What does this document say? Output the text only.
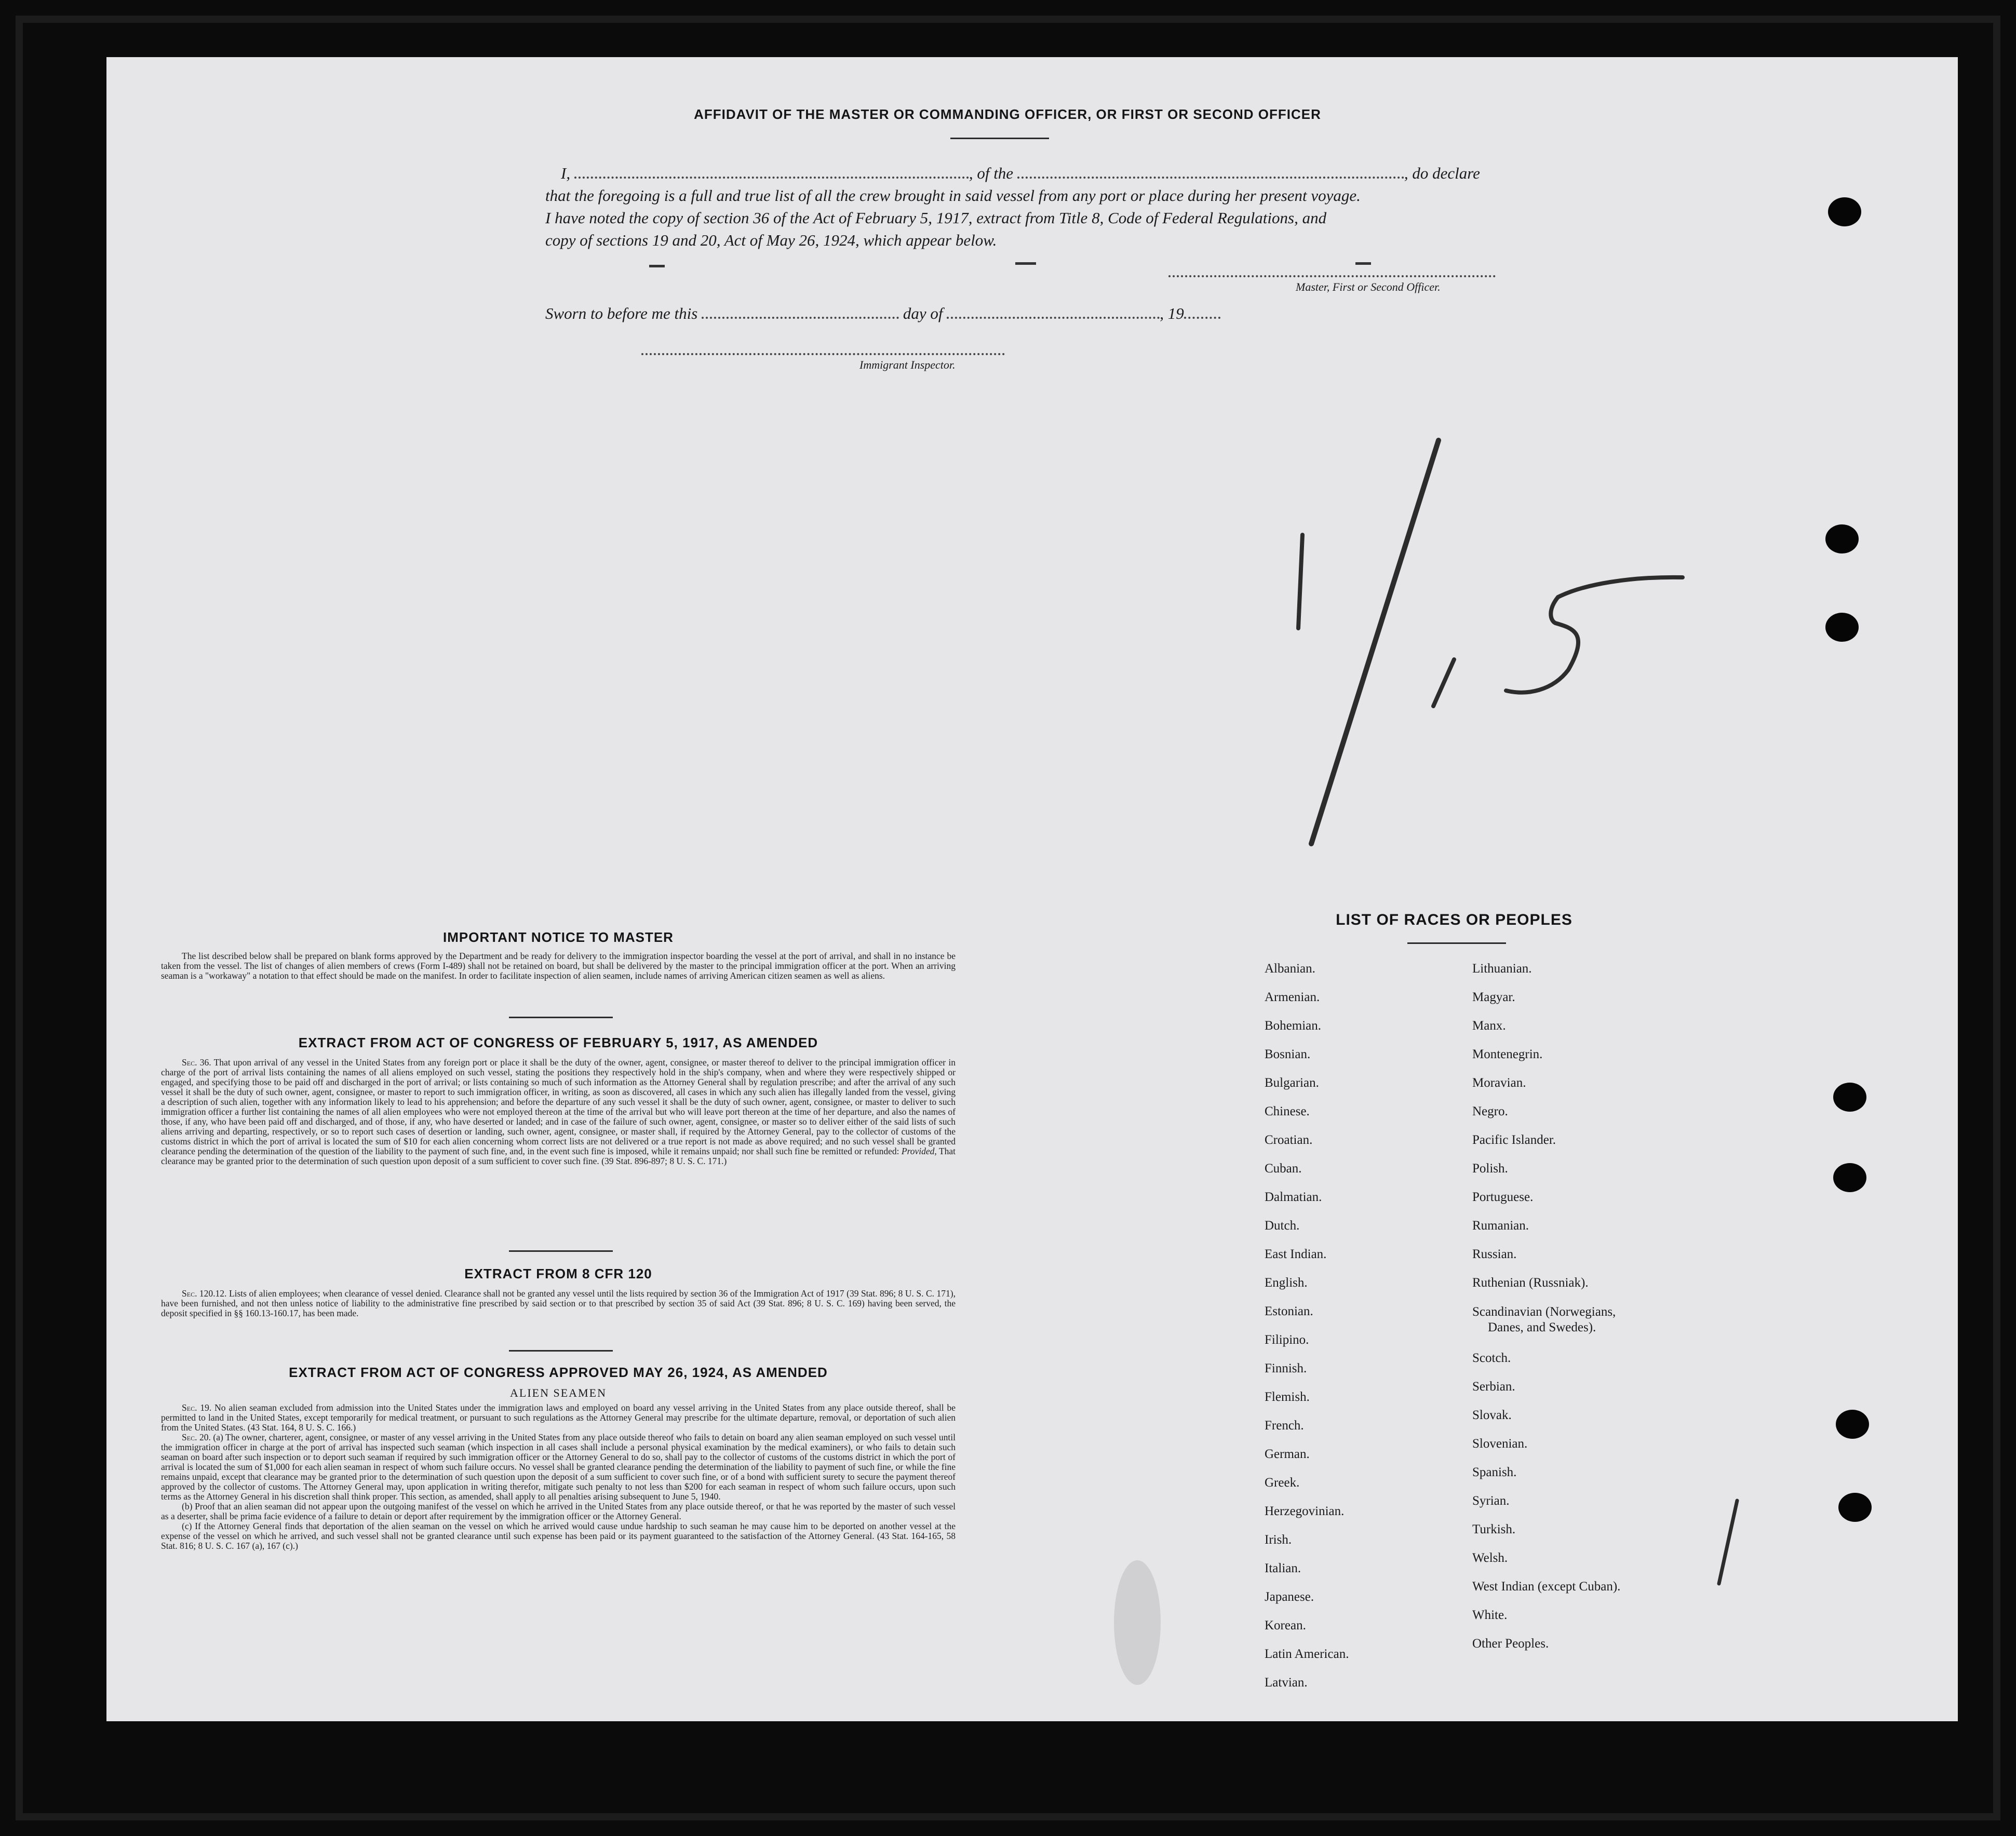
AFFIDAVIT OF THE MASTER OR COMMANDING OFFICER, OR FIRST OR SECOND OFFICER
I,	, of the	, do declare
that the foregoing is a full and true list of all the crew brought in said vessel from any port or place during her present voyage.
I have noted the copy of section 36 of the Act of February 5, 1917, extract from Title 8, Code of Federal Regulations, and
copy of sections 19 and 20, Act of May 26, 1924, which appear below.
Master, First or Second Officer.
Sworn to before me this	day of	, 19
Immigrant Inspector.
IMPORTANT NOTICE TO MASTER

The list described below shall be prepared on blank forms approved by the Department and be ready for delivery to the immigration inspector boarding the vessel at the port of arrival, and shall in no instance be taken from the vessel. The list of changes of alien members of crews (Form I-489) shall not be retained on board, but shall be delivered by the master to the principal immigration officer at the port. When an arriving seaman is a "workaway" a notation to that effect should be made on the manifest. In order to facilitate inspection of alien seamen, include names of arriving American citizen seamen as well as aliens.

EXTRACT FROM ACT OF CONGRESS OF FEBRUARY 5, 1917, AS AMENDED

Sec. 36. That upon arrival of any vessel in the United States from any foreign port or place it shall be the duty of the owner, agent, consignee, or master thereof to deliver to the principal immigration officer in charge of the port of arrival lists containing the names of all aliens employed on such vessel, stating the positions they respectively hold in the ship's company, when and where they were respectively shipped or engaged, and specifying those to be paid off and discharged in the port of arrival; or lists containing so much of such information as the Attorney General shall by regulation prescribe; and after the arrival of any such vessel it shall be the duty of such owner, agent, consignee, or master to report to such immigration officer, in writing, as soon as discovered, all cases in which any such alien has illegally landed from the vessel, giving a description of such alien, together with any information likely to lead to his apprehension; and before the departure of any such vessel it shall be the duty of such owner, agent, consignee, or master to deliver to such immigration officer a further list containing the names of all alien employees who were not employed thereon at the time of the arrival but who will leave port thereon at the time of her departure, and also the names of those, if any, who have been paid off and discharged, and of those, if any, who have deserted or landed; and in case of the failure of such owner, agent, consignee, or master so to deliver either of the said lists of such aliens arriving and departing, respectively, or so to report such cases of desertion or landing, such owner, agent, consignee, or master shall, if required by the Attorney General, pay to the collector of customs of the customs district in which the port of arrival is located the sum of $10 for each alien concerning whom correct lists are not delivered or a true report is not made as above required; and no such vessel shall be granted clearance pending the determination of the question of the liability to the payment of such fine, and, in the event such fine is imposed, while it remains unpaid; nor shall such fine be remitted or refunded: Provided, That clearance may be granted prior to the determination of such question upon deposit of a sum sufficient to cover such fine. (39 Stat. 896-897; 8 U. S. C. 171.)

EXTRACT FROM 8 CFR 120

Sec. 120.12. Lists of alien employees; when clearance of vessel denied. Clearance shall not be granted any vessel until the lists required by section 36 of the Immigration Act of 1917 (39 Stat. 896; 8 U. S. C. 171), have been furnished, and not then unless notice of liability to the administrative fine prescribed by said section or to that prescribed by section 35 of said Act (39 Stat. 896; 8 U. S. C. 169) having been served, the deposit specified in §§ 160.13-160.17, has been made.

EXTRACT FROM ACT OF CONGRESS APPROVED MAY 26, 1924, AS AMENDED
ALIEN SEAMEN

Sec. 19. No alien seaman excluded from admission into the United States under the immigration laws and employed on board any vessel arriving in the United States from any place outside thereof, shall be permitted to land in the United States, except temporarily for medical treatment, or pursuant to such regulations as the Attorney General may prescribe for the ultimate departure, removal, or deportation of such alien from the United States. (43 Stat. 164, 8 U. S. C. 166.)

Sec. 20. (a) The owner, charterer, agent, consignee, or master of any vessel arriving in the United States from any place outside thereof who fails to detain on board any alien seaman employed on such vessel until the immigration officer in charge at the port of arrival has inspected such seaman (which inspection in all cases shall include a personal physical examination by the medical examiners), or who fails to detain such seaman on board after such inspection or to deport such seaman if required by such immigration officer or the Attorney General to do so, shall pay to the collector of customs of the customs district in which the port of arrival is located the sum of $1,000 for each alien seaman in respect of whom such failure occurs. No vessel shall be granted clearance pending the determination of the liability to payment of such fine, or while the fine remains unpaid, except that clearance may be granted prior to the determination of such question upon the deposit of a sum sufficient to cover such fine, or of a bond with sufficient surety to secure the payment thereof approved by the collector of customs. The Attorney General may, upon application in writing therefor, mitigate such penalty to not less than $200 for each seaman in respect of whom such failure occurs, upon such terms as the Attorney General in his discretion shall think proper. This section, as amended, shall apply to all penalties arising subsequent to June 5, 1940.

(b) Proof that an alien seaman did not appear upon the outgoing manifest of the vessel on which he arrived in the United States from any place outside thereof, or that he was reported by the master of such vessel as a deserter, shall be prima facie evidence of a failure to detain or deport after requirement by the immigration officer or the Attorney General.

(c) If the Attorney General finds that deportation of the alien seaman on the vessel on which he arrived would cause undue hardship to such seaman he may cause him to be deported on another vessel at the expense of the vessel on which he arrived, and such vessel shall not be granted clearance until such expense has been paid or its payment guaranteed to the satisfaction of the Attorney General. (43 Stat. 164-165, 58 Stat. 816; 8 U. S. C. 167 (a), 167 (c).)

LIST OF RACES OR PEOPLES
Albanian.
Armenian.
Bohemian.
Bosnian.
Bulgarian.
Chinese.
Croatian.
Cuban.
Dalmatian.
Dutch.
East Indian.
English.
Estonian.
Filipino.
Finnish.
Flemish.
French.
German.
Greek.
Herzegovinian.
Irish.
Italian.
Japanese.
Korean.
Latin American.
Latvian.
Lithuanian.
Magyar.
Manx.
Montenegrin.
Moravian.
Negro.
Pacific Islander.
Polish.
Portuguese.
Rumanian.
Russian.
Ruthenian (Russniak).
Scandinavian (Norwegians,
Danes, and Swedes).
Scotch.
Serbian.
Slovak.
Slovenian.
Spanish.
Syrian.
Turkish.
Welsh.
West Indian (except Cuban).
White.
Other Peoples.
